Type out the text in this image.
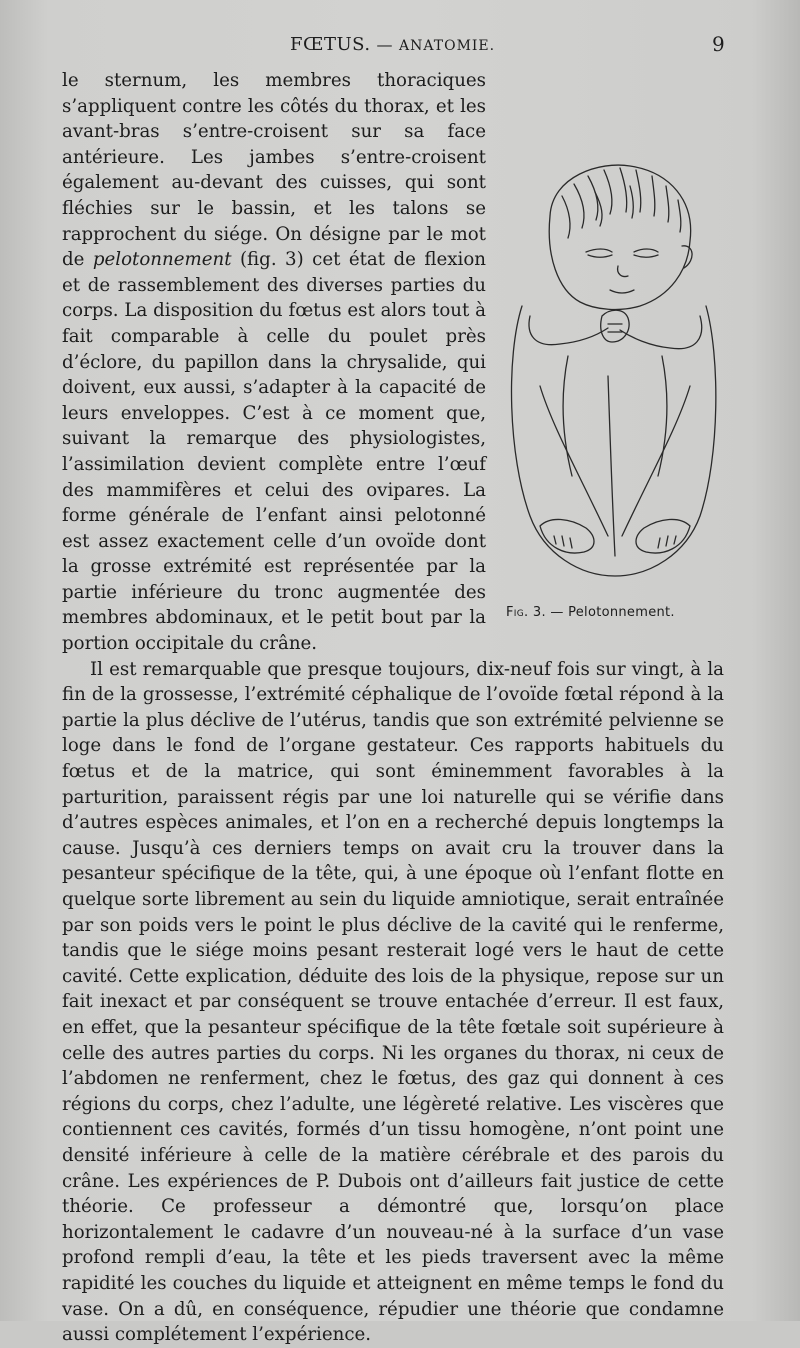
FŒTUS. — ANATOMIE.	9
Fig. 3. — Pelotonnement.

le sternum, les membres thoraciques s’appliquent contre les côtés du thorax, et les avant-bras s’entre-croisent sur sa face antérieure. Les jambes s’entre-croisent également au-devant des cuisses, qui sont fléchies sur le bassin, et les talons se rapprochent du siége. On désigne par le mot de pelotonnement (fig. 3) cet état de flexion et de rassemblement des diverses parties du corps. La disposition du fœtus est alors tout à fait comparable à celle du poulet près d’éclore, du papillon dans la chrysalide, qui doivent, eux aussi, s’adapter à la capacité de leurs enveloppes. C’est à ce moment que, suivant la remarque des physiologistes, l’assimilation devient complète entre l’œuf des mammifères et celui des ovipares. La forme générale de l’enfant ainsi pelotonné est assez exactement celle d’un ovoïde dont la grosse extrémité est représentée par la partie inférieure du tronc augmentée des membres abdominaux, et le petit bout par la portion occipitale du crâne.

Il est remarquable que presque toujours, dix-neuf fois sur vingt, à la fin de la grossesse, l’extrémité céphalique de l’ovoïde fœtal répond à la partie la plus déclive de l’utérus, tandis que son extrémité pelvienne se loge dans le fond de l’organe gestateur. Ces rapports habituels du fœtus et de la matrice, qui sont éminemment favorables à la parturition, paraissent régis par une loi naturelle qui se vérifie dans d’autres espèces animales, et l’on en a recherché depuis longtemps la cause. Jusqu’à ces derniers temps on avait cru la trouver dans la pesanteur spécifique de la tête, qui, à une époque où l’enfant flotte en quelque sorte librement au sein du liquide amniotique, serait entraînée par son poids vers le point le plus déclive de la cavité qui le renferme, tandis que le siége moins pesant resterait logé vers le haut de cette cavité. Cette explication, déduite des lois de la physique, repose sur un fait inexact et par conséquent se trouve entachée d’erreur. Il est faux, en effet, que la pesanteur spécifique de la tête fœtale soit supérieure à celle des autres parties du corps. Ni les organes du thorax, ni ceux de l’abdomen ne renferment, chez le fœtus, des gaz qui donnent à ces régions du corps, chez l’adulte, une légèreté relative. Les viscères que contiennent ces cavités, formés d’un tissu homogène, n’ont point une densité inférieure à celle de la matière cérébrale et des parois du crâne. Les expériences de P. Dubois ont d’ailleurs fait justice de cette théorie. Ce professeur a démontré que, lorsqu’on place horizontalement le cadavre d’un nouveau-né à la surface d’un vase profond rempli d’eau, la tête et les pieds traversent avec la même rapidité les couches du liquide et atteignent en même temps le fond du vase. On a dû, en conséquence, répudier une théorie que condamne aussi complétement l’expérience.
